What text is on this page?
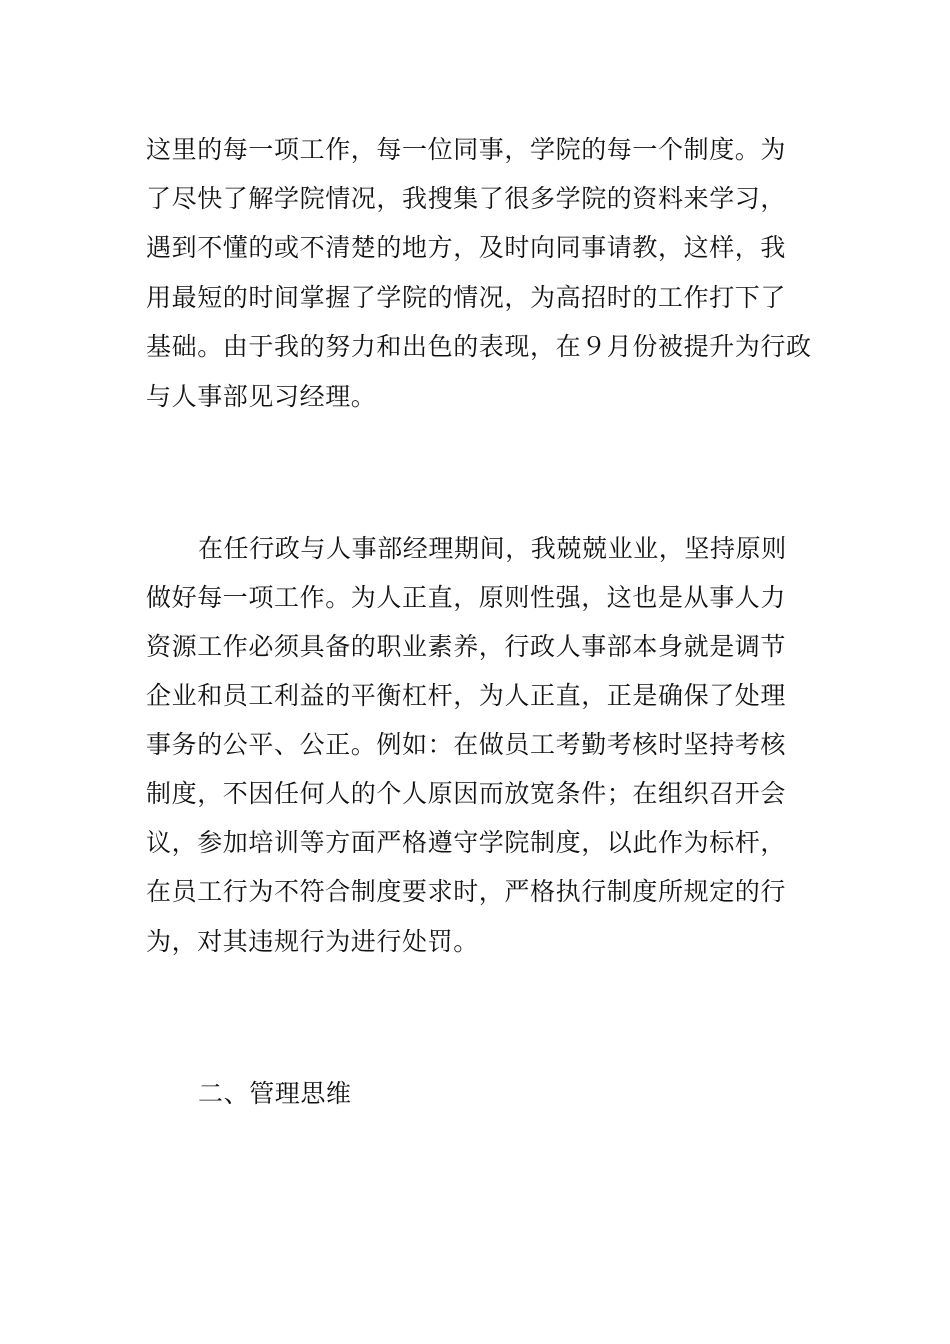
这里的每一项工作，每一位同事，学院的每一个制度。为
了尽快了解学院情况，我搜集了很多学院的资料来学习，
遇到不懂的或不清楚的地方，及时向同事请教，这样，我
用最短的时间掌握了学院的情况，为高招时的工作打下了
基础。由于我的努力和出色的表现，在９月份被提升为行政
与人事部见习经理。
在任行政与人事部经理期间，我兢兢业业，坚持原则
做好每一项工作。为人正直，原则性强，这也是从事人力
资源工作必须具备的职业素养，行政人事部本身就是调节
企业和员工利益的平衡杠杆，为人正直，正是确保了处理
事务的公平、公正。例如：在做员工考勤考核时坚持考核
制度，不因任何人的个人原因而放宽条件；在组织召开会
议，参加培训等方面严格遵守学院制度，以此作为标杆，
在员工行为不符合制度要求时，严格执行制度所规定的行
为，对其违规行为进行处罚。
二、管理思维
